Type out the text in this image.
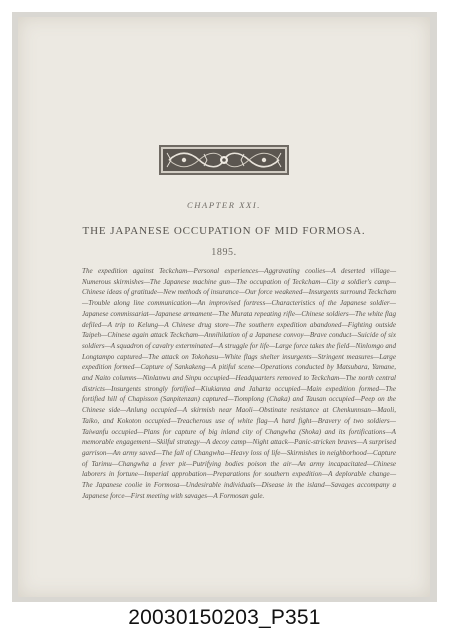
CHAPTER XXI.
THE JAPANESE OCCUPATION OF MID FORMOSA.
1895.

The expedition against Teckcham—Personal experiences—Aggravating coolies—A deserted village—Numerous skirmishes—The Japanese machine gun—The occupation of Teckcham—City a soldier's camp—Chinese ideas of gratitude—New methods of insurance—Our force weakened—Insurgents surround Teckcham—Trouble along line communication—An improvised fortress—Characteristics of the Japanese soldier—Japanese commissariat—Japanese armament—The Murata repeating rifle—Chinese soldiers—The white flag defiled—A trip to Kelung—A Chinese drug store—The southern expedition abandoned—Fighting outside Taipeh—Chinese again attack Teckcham—Annihilation of a Japanese convoy—Brave conduct—Suicide of six soldiers—A squadron of cavalry exterminated—A struggle for life—Large force takes the field—Ninlomgo and Longtampo captured—The attack on Tokohasu—White flags shelter insurgents—Stringent measures—Large expedition formed—Capture of Sankakeng—A pitiful scene—Operations conducted by Matsubara, Yamane, and Naito columns—Ninlanwu and Sinpu occupied—Headquarters removed to Teckcham—The north central districts—Insurgents strongly fortified—Kiukianna and Jaharta occupied—Main expedition formed—The fortified hill of Chapisson (Sanpitenzan) captured—Tiomplong (Chaka) and Tausan occupied—Peep on the Chinese side—Anlung occupied—A skirmish near Maoli—Obstinate resistance at Chenkunnsan—Maoli, Taiko, and Kokoton occupied—Treacherous use of white flag—A hard fight—Bravery of two soldiers—Taiwanfu occupied—Plans for capture of big inland city of Changwha (Shoka) and its fortifications—A memorable engagement—Skilful strategy—A decoy camp—Night attack—Panic-stricken braves—A surprised garrison—An army saved—The fall of Changwha—Heavy loss of life—Skirmishes in neighborhood—Capture of Tarimu—Changwha a fever pit—Putrifying bodies poison the air—An army incapacitated—Chinese laborers in fortune—Imperial approbation—Preparations for southern expedition—A deplorable change—The Japanese coolie in Formosa—Undesirable individuals—Disease in the island—Savages accompany a Japanese force—First meeting with savages—A Formosan gale.

20030150203_P351
